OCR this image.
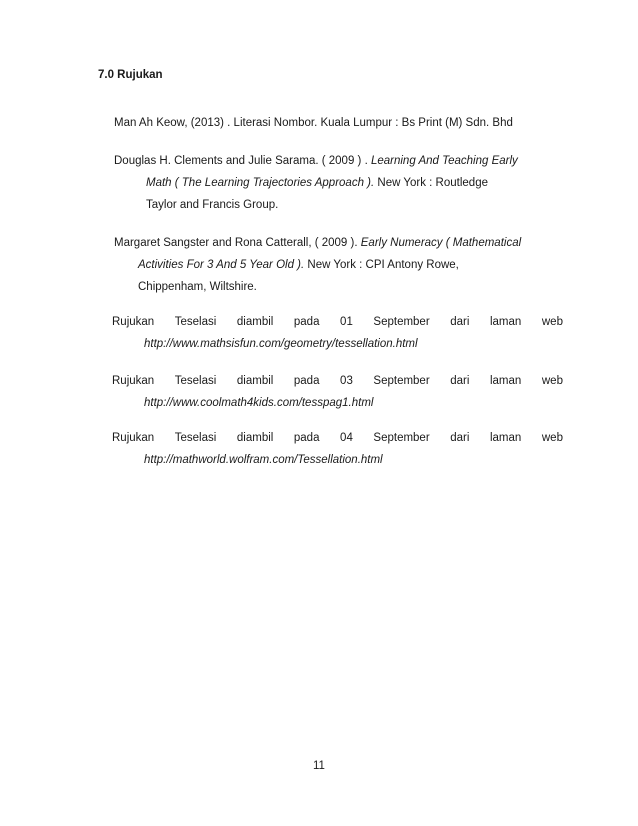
7.0 Rujukan
Man Ah Keow, (2013) . Literasi Nombor. Kuala Lumpur : Bs Print (M) Sdn. Bhd
Douglas H. Clements and Julie Sarama. ( 2009 ) . Learning And Teaching Early
Math ( The Learning Trajectories Approach ). New York : Routledge
Taylor and Francis Group.
Margaret Sangster and Rona Catterall, ( 2009 ). Early Numeracy ( Mathematical
Activities For 3 And 5 Year Old ). New York : CPI Antony Rowe,
Chippenham, Wiltshire.
Rujukan Teselasi diambil pada 01 September dari laman web
http://www.mathsisfun.com/geometry/tessellation.html
Rujukan Teselasi diambil pada 03 September dari laman web
http://www.coolmath4kids.com/tesspag1.html
Rujukan Teselasi diambil pada 04 September dari laman web
http://mathworld.wolfram.com/Tessellation.html
11
